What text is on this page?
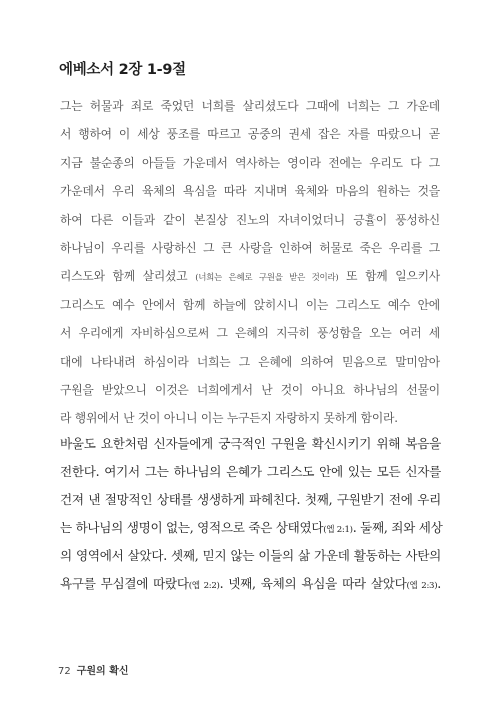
에베소서 2장 1-9절
그는 허물과 죄로 죽었던 너희를 살리셨도다 그때에 너희는 그 가운데
서 행하여 이 세상 풍조를 따르고 공중의 권세 잡은 자를 따랐으니 곧
지금 불순종의 아들들 가운데서 역사하는 영이라 전에는 우리도 다 그
가운데서 우리 육체의 욕심을 따라 지내며 육체와 마음의 원하는 것을
하여 다른 이들과 같이 본질상 진노의 자녀이었더니 긍휼이 풍성하신
하나님이 우리를 사랑하신 그 큰 사랑을 인하여 허물로 죽은 우리를 그
리스도와 함께 살리셨고 (너희는 은혜로 구원을 받은 것이라) 또 함께 일으키사
그리스도 예수 안에서 함께 하늘에 앉히시니 이는 그리스도 예수 안에
서 우리에게 자비하심으로써 그 은혜의 지극히 풍성함을 오는 여러 세
대에 나타내려 하심이라 너희는 그 은혜에 의하여 믿음으로 말미암아
구원을 받았으니 이것은 너희에게서 난 것이 아니요 하나님의 선물이
라 행위에서 난 것이 아니니 이는 누구든지 자랑하지 못하게 함이라.
바울도 요한처럼 신자들에게 궁극적인 구원을 확신시키기 위해 복음을
전한다. 여기서 그는 하나님의 은혜가 그리스도 안에 있는 모든 신자를
건져 낸 절망적인 상태를 생생하게 파헤친다. 첫째, 구원받기 전에 우리
는 하나님의 생명이 없는, 영적으로 죽은 상태였다(엡 2:1). 둘째, 죄와 세상
의 영역에서 살았다. 셋째, 믿지 않는 이들의 삶 가운데 활동하는 사탄의
욕구를 무심결에 따랐다(엡 2:2). 넷째, 육체의 욕심을 따라 살았다(엡 2:3).
72 구원의 확신
